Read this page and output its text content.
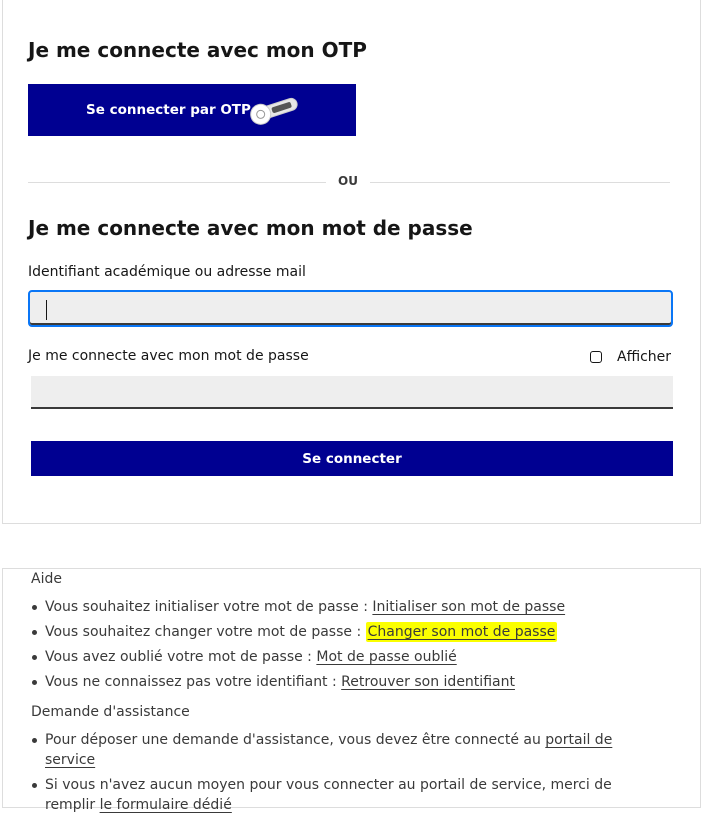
Je me connecte avec mon OTP
Se connecter par OTP
OU
Je me connecte avec mon mot de passe
Identifiant académique ou adresse mail
Je me connecte avec mon mot de passe	Afficher
Se connecter
Aide
Vous souhaitez initialiser votre mot de passe : Initialiser son mot de passe
Vous souhaitez changer votre mot de passe : Changer son mot de passe
Vous avez oublié votre mot de passe : Mot de passe oublié
Vous ne connaissez pas votre identifiant : Retrouver son identifiant
Demande d'assistance
Pour déposer une demande d'assistance, vous devez être connecté au portail de service
Si vous n'avez aucun moyen pour vous connecter au portail de service, merci de remplir le formulaire dédié
